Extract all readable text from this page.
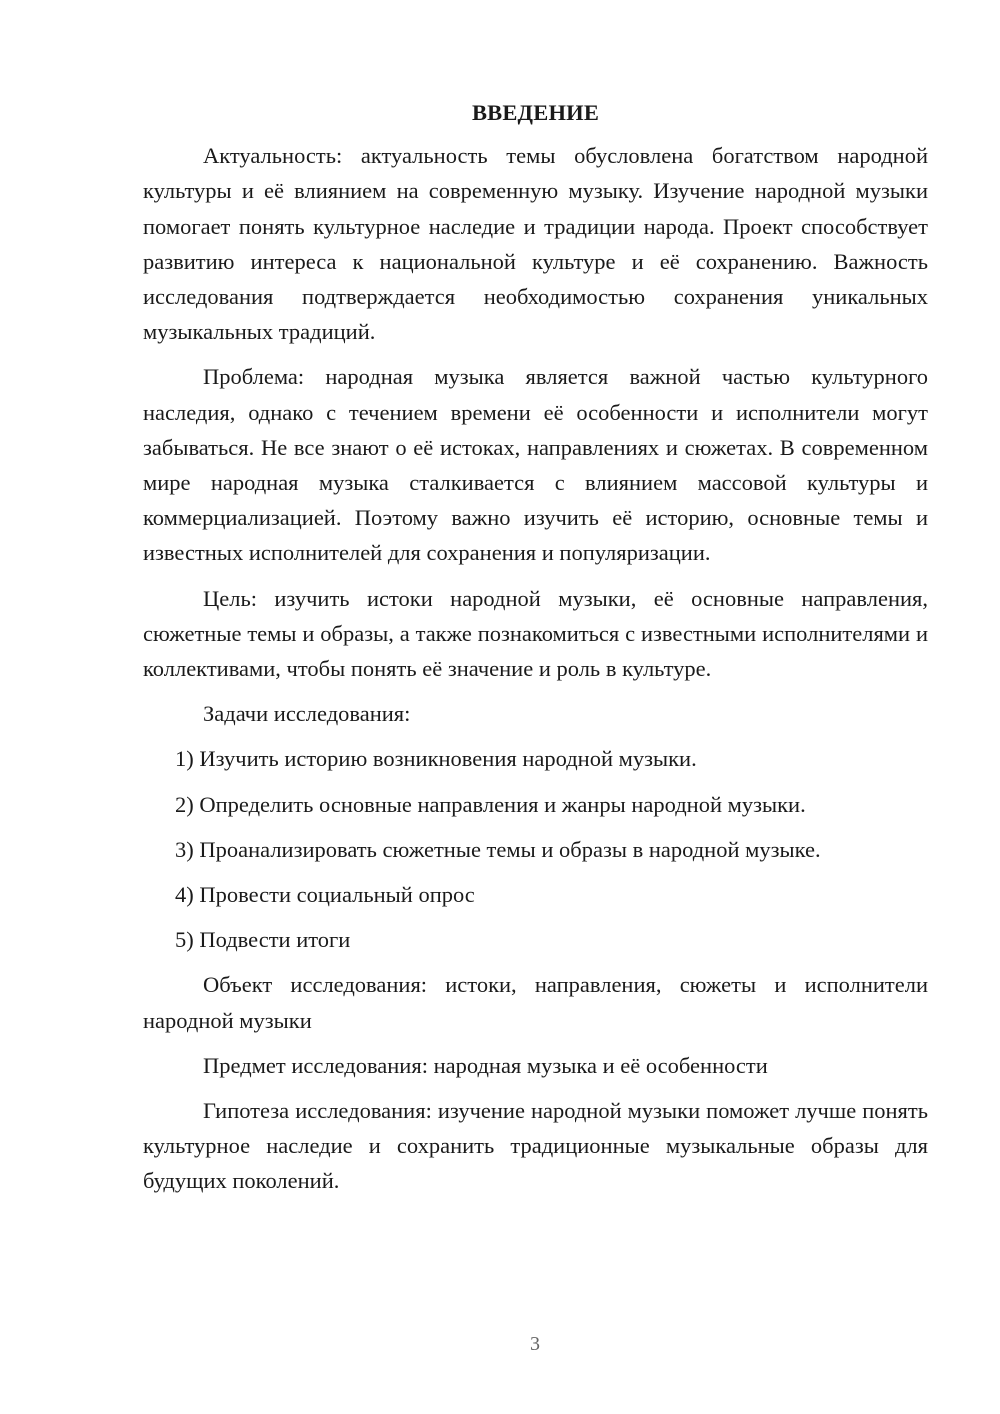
ВВЕДЕНИЕ

Актуальность: актуальность темы обусловлена богатством народной культуры и её влиянием на современную музыку. Изучение народной музыки помогает понять культурное наследие и традиции народа. Проект способствует развитию интереса к национальной культуре и её сохранению. Важность исследования подтверждается необходимостью сохранения уникальных музыкальных традиций.

Проблема: народная музыка является важной частью культурного наследия, однако с течением времени её особенности и исполнители могут забываться. Не все знают о её истоках, направлениях и сюжетах. В современном мире народная музыка сталкивается с влиянием массовой культуры и коммерциализацией. Поэтому важно изучить её историю, основные темы и известных исполнителей для сохранения и популяризации.

Цель: изучить истоки народной музыки, её основные направления, сюжетные темы и образы, а также познакомиться с известными исполнителями и коллективами, чтобы понять её значение и роль в культуре.

Задачи исследования:
1) Изучить историю возникновения народной музыки.
2) Определить основные направления и жанры народной музыки.
3) Проанализировать сюжетные темы и образы в народной музыке.
4) Провести социальный опрос
5) Подвести итоги

Объект исследования: истоки, направления, сюжеты и исполнители народной музыки

Предмет исследования: народная музыка и её особенности

Гипотеза исследования: изучение народной музыки поможет лучше понять культурное наследие и сохранить традиционные музыкальные образы для будущих поколений.

3
